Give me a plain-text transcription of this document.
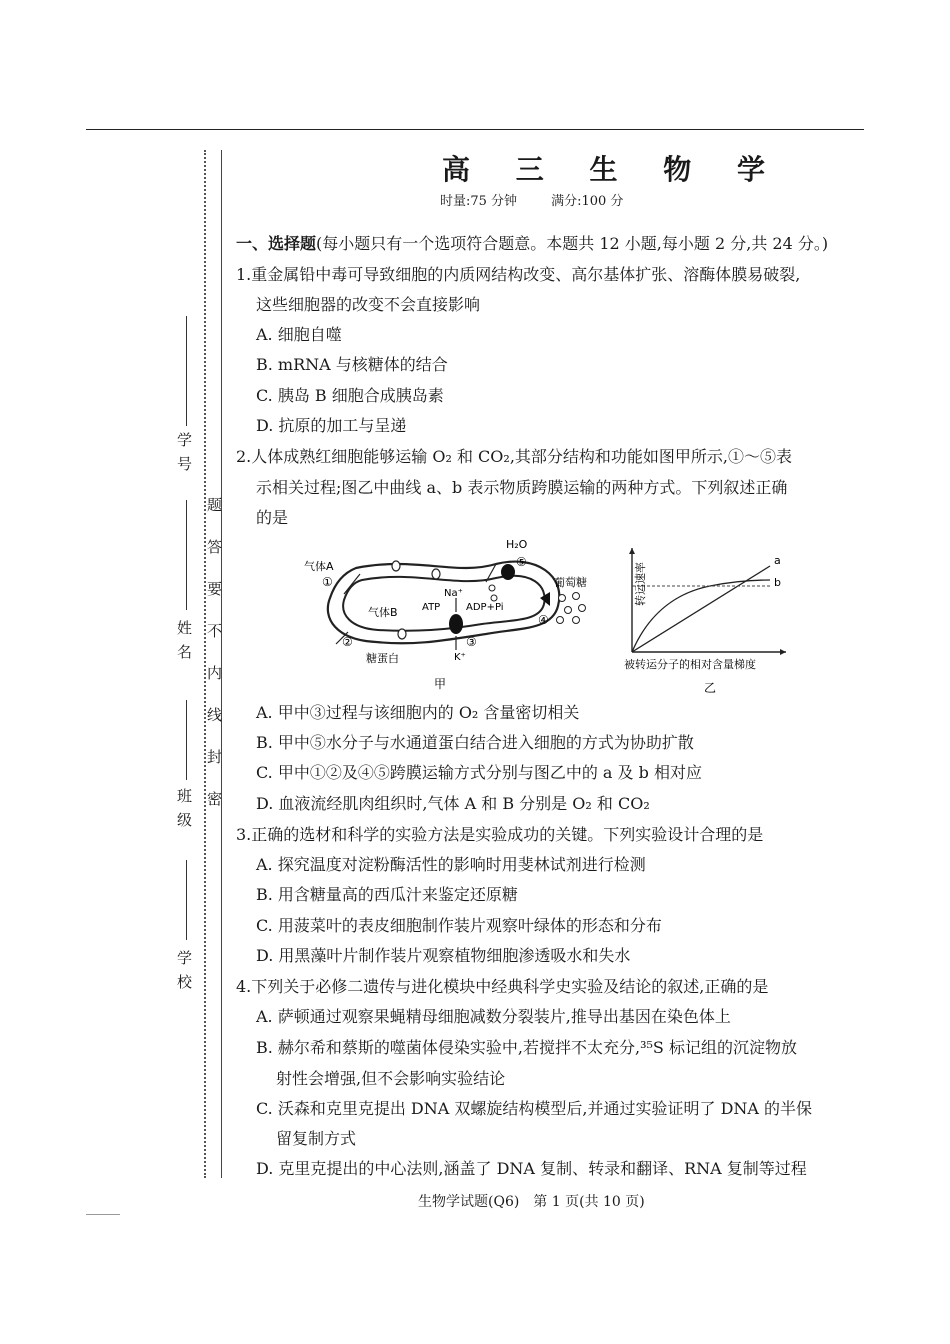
学 校
班 级
姓 名
学 号
密
封
线
内
不
要
答
题
高 三 生 物 学
时量:75 分钟	满分:100 分
一、选择题(每小题只有一个选项符合题意。本题共 12 小题,每小题 2 分,共 24 分。)
1.重金属铅中毒可导致细胞的内质网结构改变、高尔基体扩张、溶酶体膜易破裂,
这些细胞器的改变不会直接影响
A. 细胞自噬
B. mRNA 与核糖体的结合
C. 胰岛 B 细胞合成胰岛素
D. 抗原的加工与呈递
2.人体成熟红细胞能够运输 O₂ 和 CO₂,其部分结构和功能如图甲所示,①～⑤表
示相关过程;图乙中曲线 a、b 表示物质跨膜运输的两种方式。下列叙述正确
的是
气体A
①
气体B
②
糖蛋白
Na⁺
ATP	ADP+Pi
③
K⁺
H₂O
⑤
葡萄糖
④
甲
a
b
转运速率
被转运分子的相对含量梯度
乙
A. 甲中③过程与该细胞内的 O₂ 含量密切相关
B. 甲中⑤水分子与水通道蛋白结合进入细胞的方式为协助扩散
C. 甲中①②及④⑤跨膜运输方式分别与图乙中的 a 及 b 相对应
D. 血液流经肌肉组织时,气体 A 和 B 分别是 O₂ 和 CO₂
3.正确的选材和科学的实验方法是实验成功的关键。下列实验设计合理的是
A. 探究温度对淀粉酶活性的影响时用斐林试剂进行检测
B. 用含糖量高的西瓜汁来鉴定还原糖
C. 用菠菜叶的表皮细胞制作装片观察叶绿体的形态和分布
D. 用黑藻叶片制作装片观察植物细胞渗透吸水和失水
4.下列关于必修二遗传与进化模块中经典科学史实验及结论的叙述,正确的是
A. 萨顿通过观察果蝇精母细胞减数分裂装片,推导出基因在染色体上
B. 赫尔希和蔡斯的噬菌体侵染实验中,若搅拌不太充分,³⁵S 标记组的沉淀物放
射性会增强,但不会影响实验结论
C. 沃森和克里克提出 DNA 双螺旋结构模型后,并通过实验证明了 DNA 的半保
留复制方式
D. 克里克提出的中心法则,涵盖了 DNA 复制、转录和翻译、RNA 复制等过程
生物学试题(Q6)　第 1 页(共 10 页)
